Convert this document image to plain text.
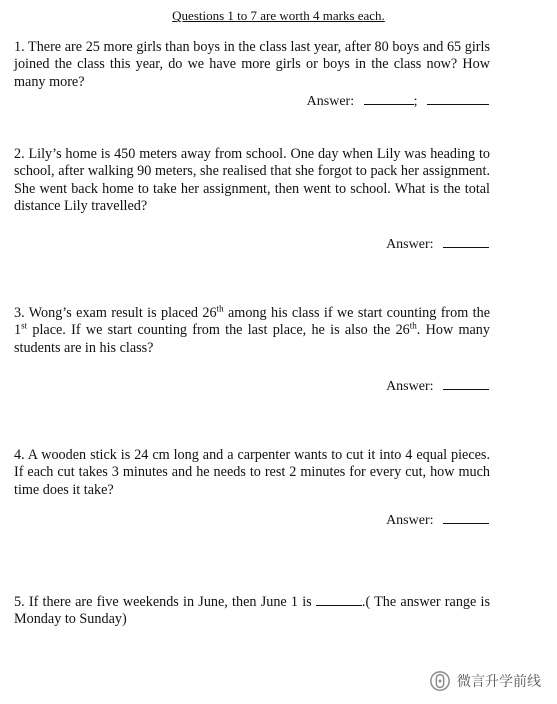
Questions 1 to 7 are worth 4 marks each.
1. There are 25 more girls than boys in the class last year, after 80 boys and 65 girls joined the class this year, do we have more girls or boys in the class now? How many more?
Answer:	;
2. Lily’s home is 450 meters away from school. One day when Lily was heading to school, after walking 90 meters, she realised that she forgot to pack her assignment. She went back home to take her assignment, then went to school. What is the total distance Lily travelled?
Answer:
3. Wong’s exam result is placed 26th among his class if we start counting from the 1st place. If we start counting from the last place, he is also the 26th. How many students are in his class?
Answer:
4. A wooden stick is 24 cm long and a carpenter wants to cut it into 4 equal pieces. If each cut takes 3 minutes and he needs to rest 2 minutes for every cut, how much time does it take?
Answer:
5. If there are five weekends in June, then June 1 is	.( The answer range is Monday to Sunday)
微言升学前线
